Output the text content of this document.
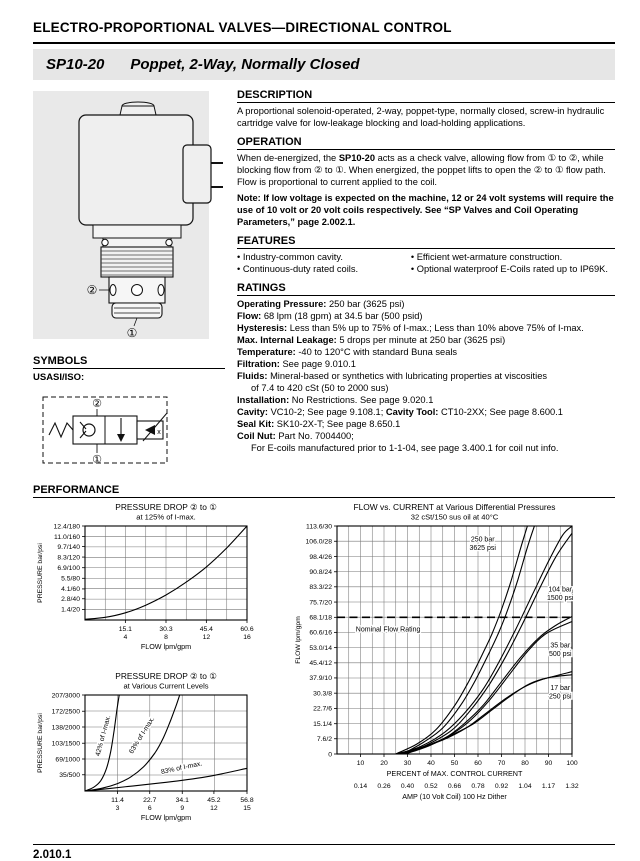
ELECTRO-PROPORTIONAL VALVES—DIRECTIONAL CONTROL
SP10-20 Poppet, 2-Way, Normally Closed
②
①
SYMBOLS
USASI/ISO:
x
②
①
DESCRIPTION
A proportional solenoid-operated, 2-way, poppet-type, normally closed, screw-in hydraulic cartridge valve for low-leakage blocking and load-holding applications.
OPERATION
When de-energized, the SP10-20 acts as a check valve, allowing flow from ① to ②, while blocking flow from ② to ①. When energized, the poppet lifts to open the ② to ① flow path. Flow is proportional to current applied to the coil.
Note: If low voltage is expected on the machine, 12 or 24 volt systems will require the use of 10 volt or 20 volt coils respectively. See “SP Valves and Coil Operating Parameters,” page 2.002.1.
FEATURES
• Industry-common cavity.
• Continuous-duty rated coils.
• Efficient wet-armature construction.
• Optional waterproof E-Coils rated up to IP69K.
RATINGS
Operating Pressure: 250 bar (3625 psi)
Flow: 68 lpm (18 gpm) at 34.5 bar (500 psid)
Hysteresis: Less than 5% up to 75% of I-max.; Less than 10% above 75% of I-max.
Max. Internal Leakage: 5 drops per minute at 250 bar (3625 psi)
Temperature: -40 to 120°C with standard Buna seals
Filtration: See page 9.010.1
Fluids: Mineral-based or synthetics with lubricating properties at viscosities
of 7.4 to 420 cSt (50 to 2000 sus)
Installation: No Restrictions. See page 9.020.1
Cavity: VC10-2; See page 9.108.1; Cavity Tool: CT10-2XX; See page 8.600.1
Seal Kit: SK10-2X-T; See page 8.650.1
Coil Nut: Part No. 7004400;
For E-coils manufactured prior to 1-1-04, see page 3.400.1 for coil nut info.
PERFORMANCE
PRESSURE DROP ② to ①
at 125% of I-max.
12.4/180
11.0/160
9.7/140
8.3/120
6.9/100
5.5/80
4.1/60
2.8/40
1.4/20
15.1
4
30.3
8
45.4
12
60.6
16
FLOW lpm/gpm
PRESSURE bar/psi
PRESSURE DROP ② to ①
at Various Current Levels
207/3000
172/2500
138/2000
103/1500
69/1000
35/500
11.4
3
22.7
6
34.1
9
45.2
12
56.8
15
FLOW lpm/gpm
PRESSURE bar/psi	42% of I-max. 63% of I-max.
83% of I-max.
FLOW vs. CURRENT at Various Differential Pressures
32 cSt/150 sus oil at 40°C
113.6/30
106.0/28
98.4/26
90.8/24
83.3/22
75.7/20
68.1/18
60.6/16
53.0/14
45.4/12
37.9/10
30.3/8
22.7/6
15.1/4
7.6/2
0
10 20 30 40 50 60 70 80 90 100
PERCENT of MAX. CONTROL CURRENT
0.14 0.26 0.40 0.52 0.66 0.78 0.92 1.04 1.17 1.32
AMP (10 Volt Coil) 100 Hz Dither
FLOW lpm/gpm	Nominal Flow Rating
250 bar
3625 psi
104 bar
1500 psi
35 bar
500 psi
17 bar
250 psi
2.010.1
